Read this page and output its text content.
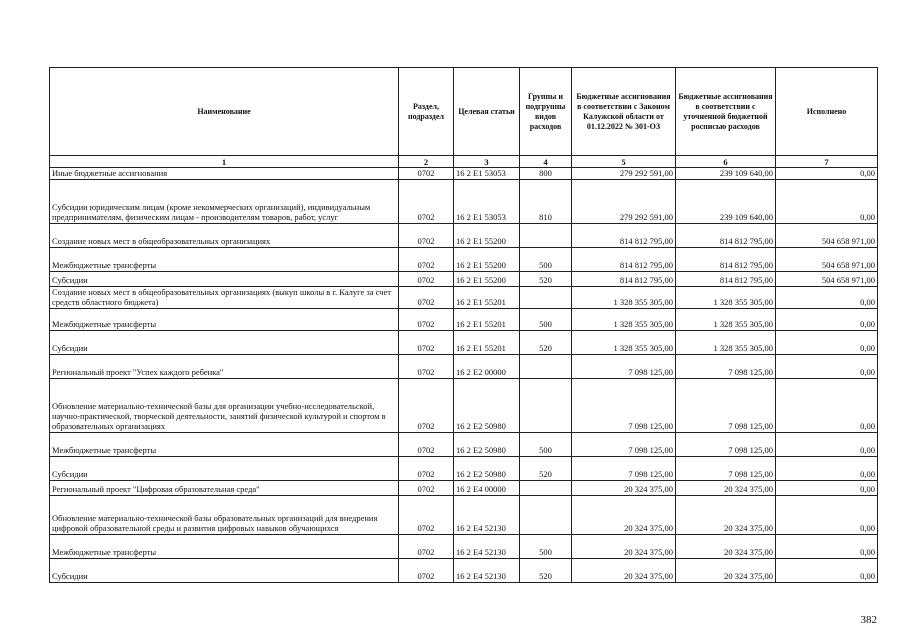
Наименование	Раздел, подраздел	Целевая статьи	Группы и подгруппы видов расходов	Бюджетные ассигнования в соответствии с Законом Калужской области от 01.12.2022 № 301-ОЗ	Бюджетные ассигнования в соответствии с уточненной бюджетной росписью расходов	Исполнено
1	2	3	4	5	6	7
Иные бюджетные ассигнования	0702	16 2 E1 53053	800	279 292 591,00	239 109 640,00	0,00
Субсидии юридическим лицам (кроме некоммерческих организаций), индивидуальным предпринимателям, физическим лицам - производителям товаров, работ, услуг	0702	16 2 E1 53053	810	279 292 591,00	239 109 640,00	0,00
Создание новых мест в общеобразовательных организациях	0702	16 2 E1 55200		814 812 795,00	814 812 795,00	504 658 971,00
Межбюджетные трансферты	0702	16 2 E1 55200	500	814 812 795,00	814 812 795,00	504 658 971,00
Субсидии	0702	16 2 E1 55200	520	814 812 795,00	814 812 795,00	504 658 971,00
Создание новых мест в общеобразовательных организациях (выкуп школы в г. Калуге за счет средств областного бюджета)	0702	16 2 E1 55201		1 328 355 305,00	1 328 355 305,00	0,00
Межбюджетные трансферты	0702	16 2 E1 55201	500	1 328 355 305,00	1 328 355 305,00	0,00
Субсидии	0702	16 2 E1 55201	520	1 328 355 305,00	1 328 355 305,00	0,00
Региональный проект "Успех каждого ребенка"	0702	16 2 E2 00000		7 098 125,00	7 098 125,00	0,00
Обновление материально-технической базы для организации учебно-исследовательской, научно-практической, творческой деятельности, занятий физической культурой и спортом в образовательных организациях	0702	16 2 E2 50980		7 098 125,00	7 098 125,00	0,00
Межбюджетные трансферты	0702	16 2 E2 50980	500	7 098 125,00	7 098 125,00	0,00
Субсидии	0702	16 2 E2 50980	520	7 098 125,00	7 098 125,00	0,00
Региональный проект "Цифровая образовательная среда"	0702	16 2 E4 00000		20 324 375,00	20 324 375,00	0,00
Обновление материально-технической базы образовательных организаций для внедрения цифровой образовательной среды и развития цифровых навыков обучающихся	0702	16 2 E4 52130		20 324 375,00	20 324 375,00	0,00
Межбюджетные трансферты	0702	16 2 E4 52130	500	20 324 375,00	20 324 375,00	0,00
Субсидии	0702	16 2 E4 52130	520	20 324 375,00	20 324 375,00	0,00
382
